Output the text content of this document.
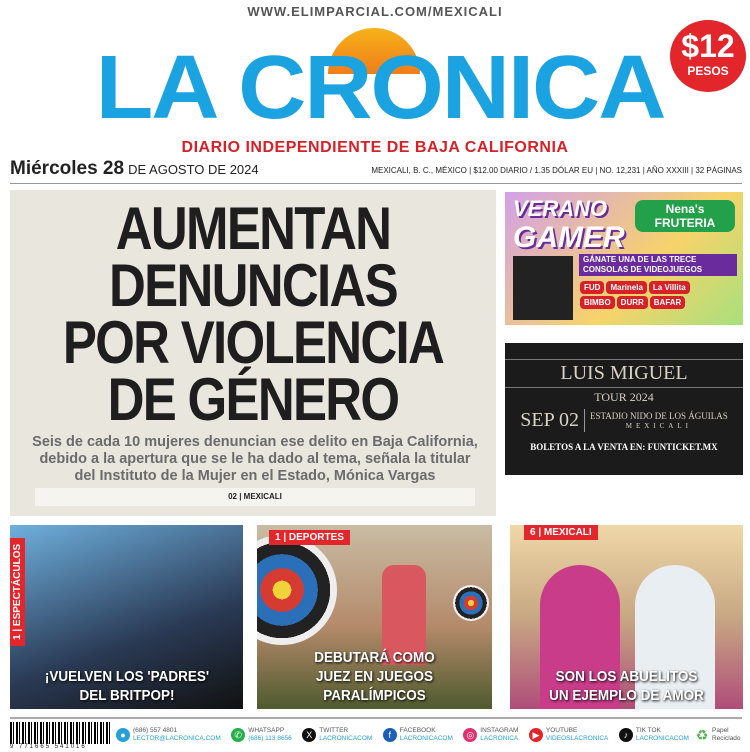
WWW.ELIMPARCIAL.COM/MEXICALI
LA CRONICA $12
PESOS
DIARIO INDEPENDIENTE DE BAJA CALIFORNIA
Miércoles 28 DE AGOSTO DE 2024	MEXICALI, B. C., MÉXICO | $12.00 DIARIO / 1.35 DÓLAR EU | NO. 12,231 | AÑO XXXIII | 32 PÁGINAS
AUMENTAN
DENUNCIAS
POR VIOLENCIA
DE GÉNERO
Seis de cada 10 mujeres denuncian ese delito en Baja California, debido a la apertura que se le ha dado al tema, señala la titular del Instituto de la Mujer en el Estado, Mónica Vargas
02 | MEXICALI
VERANO
GAMER
Nena's FRUTERIA
GÁNATE UNA DE LAS TRECE CONSOLAS DE VIDEOJUEGOS
FUD Marinela La Villita
BIMBO DURR BAFAR
LUIS MIGUEL
TOUR 2024
SEP 02	ESTADIO NIDO DE LOS ÁGUILAS
MEXICALI
BOLETOS A LA VENTA EN: FUNTICKET.MX
1 | ESPECTÁCULOS
¡VUELVEN LOS 'PADRES' DEL BRITPOP!
1 | DEPORTES
DEBUTARÁ COMO JUEZ EN JUEGOS PARALÍMPICOS
6 | MEXICALI
SON LOS ABUELITOS UN EJEMPLO DE AMOR
9 771665 541016
●	(686) 557 4801
LECTOR@LACRONICA.COM	✆ WHATSAPP
(686) 113 8656	X	TWITTER
LACRONICACOM	f	FACEBOOK
LACRONICACOM	◎ INSTAGRAM
LACRONICA	▶	YOUTUBE
VIDEOSLACRONICA	♪	TIK TOK
LACRONICACOM ♻ Papel Reciclado
